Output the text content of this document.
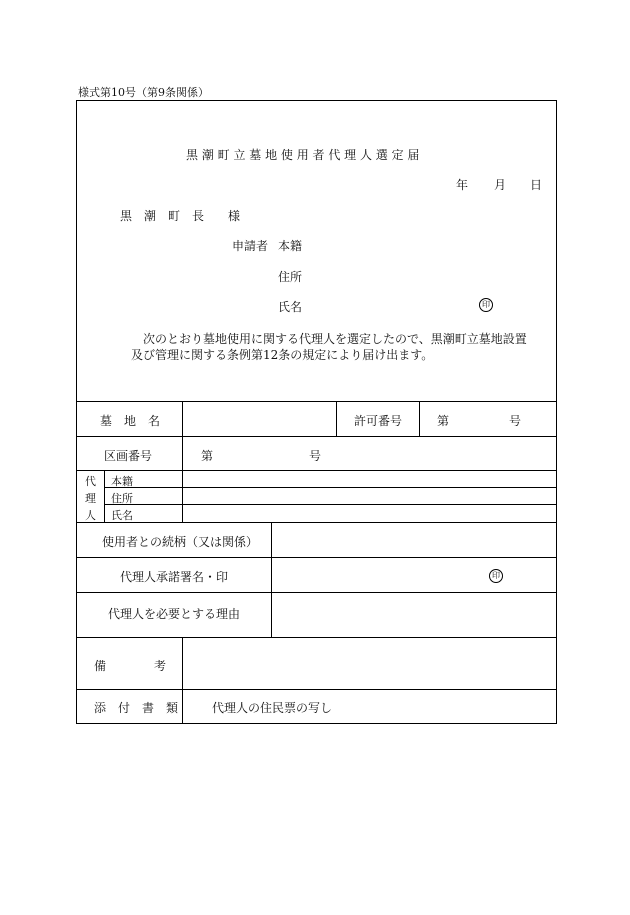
様式第10号（第9条関係）
黒 潮 町 立 墓 地 使 用 者 代 理 人 選 定 届
年 月 日
黒　潮　町　長　　様
申請者 本籍
住所
氏名	印
次のとおり墓地使用に関する代理人を選定したので、黒潮町立墓地設置
及び管理に関する条例第12条の規定により届け出ます。
墓　地　名	許可番号	第	号
区画番号	第	号
代
理
人
本籍
住所
氏名
使用者との続柄（又は関係）
代理人承諾署名・印	印
代理人を必要とする理由
備　　　　考
添　付　書　類	代理人の住民票の写し
